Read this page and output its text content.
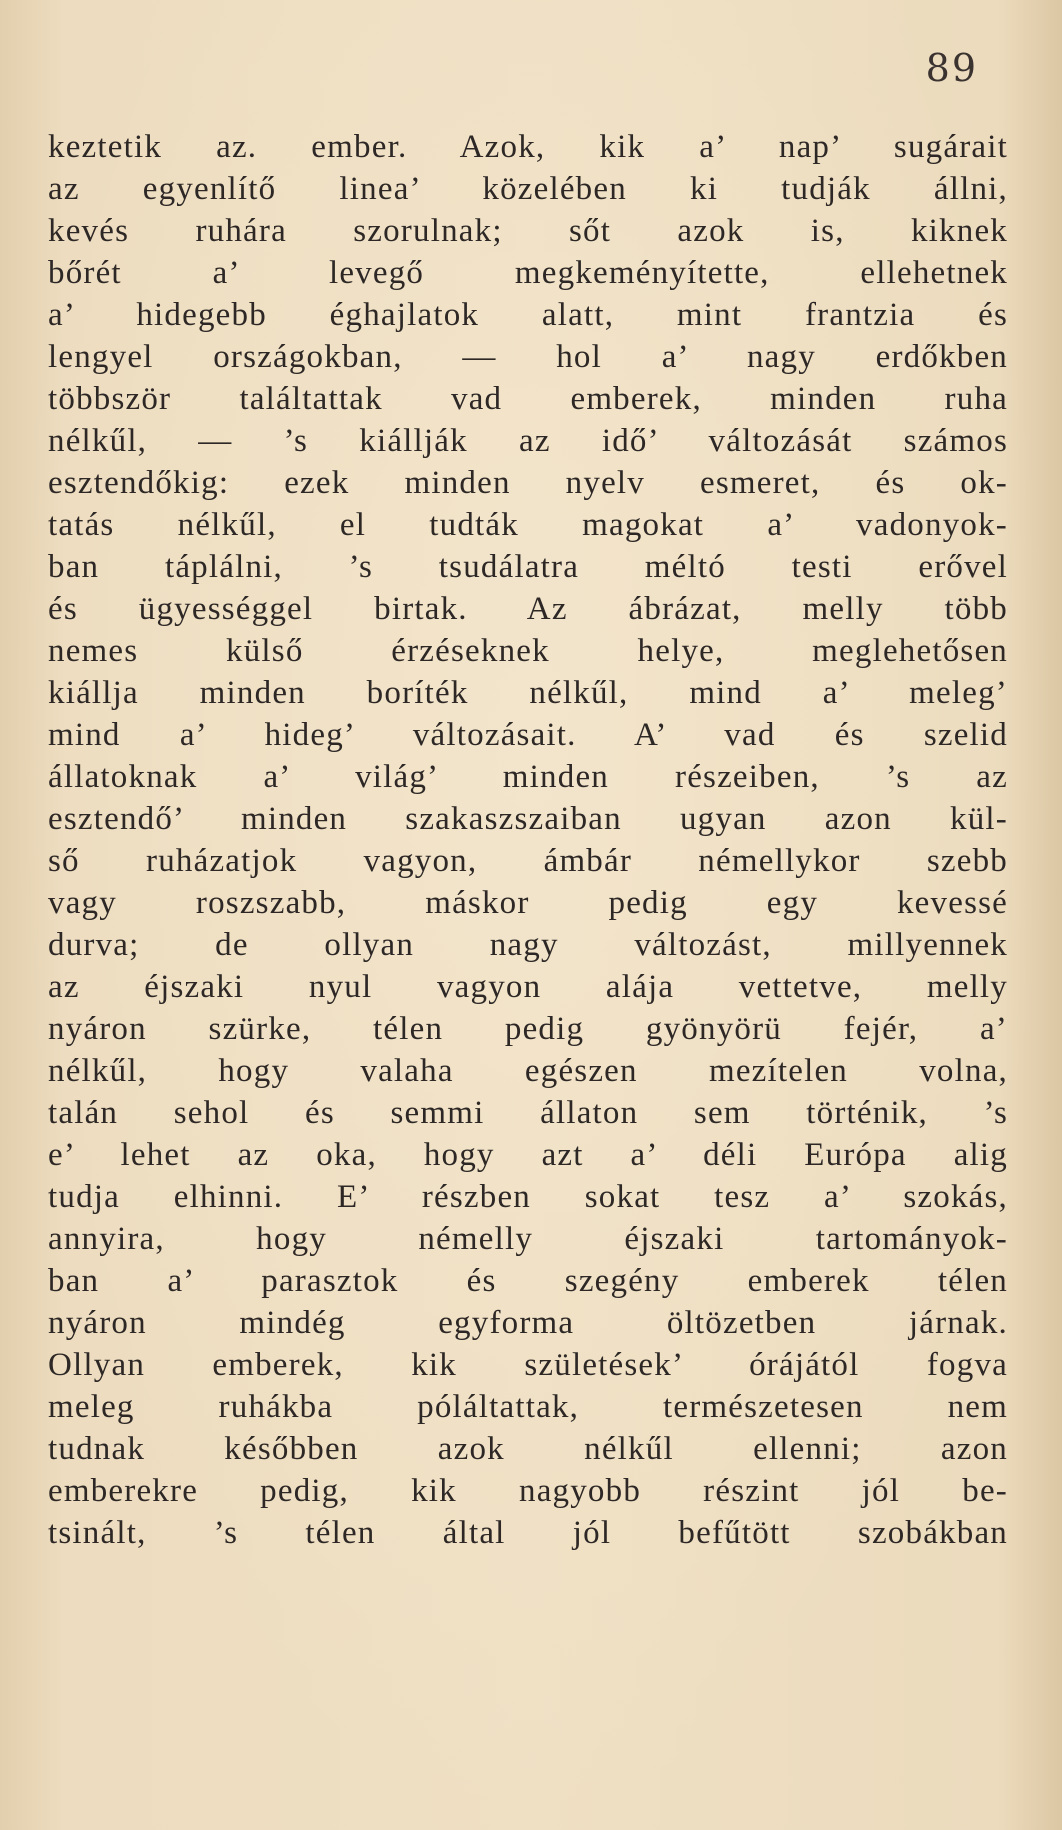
89
keztetik az. ember. Azok, kik a’ nap’ sugárait
az egyenlítő linea’ közelében ki tudják állni,
kevés ruhára szorulnak; sőt azok is, kiknek
bőrét a’ levegő megkeményítette, ellehetnek
a’ hidegebb éghajlatok alatt, mint frantzia és
lengyel országokban, — hol a’ nagy erdőkben
többször találtattak vad emberek, minden ruha
nélkűl, — ’s kiállják az idő’ változását számos
esztendőkig: ezek minden nyelv esmeret, és ok-
tatás nélkűl, el tudták magokat a’ vadonyok-
ban táplálni, ’s tsudálatra méltó testi erővel
és ügyességgel birtak. Az ábrázat, melly több
nemes külső érzéseknek helye, meglehetősen
kiállja minden boríték nélkűl, mind a’ meleg’
mind a’ hideg’ változásait. A’ vad és szelid
állatoknak a’ világ’ minden részeiben, ’s az
esztendő’ minden szakaszszaiban ugyan azon kül-
ső ruházatjok vagyon, ámbár némellykor szebb
vagy roszszabb, máskor pedig egy kevessé
durva; de ollyan nagy változást, millyennek
az éjszaki nyul vagyon alája vettetve, melly
nyáron szürke, télen pedig gyönyörü fejér, a’
nélkűl, hogy valaha egészen mezítelen volna,
talán sehol és semmi állaton sem történik, ’s
e’ lehet az oka, hogy azt a’ déli Európa alig
tudja elhinni. E’ részben sokat tesz a’ szokás,
annyira, hogy némelly éjszaki tartományok-
ban a’ parasztok és szegény emberek télen
nyáron mindég egyforma öltözetben járnak.
Ollyan emberek, kik születések’ órájától fogva
meleg ruhákba póláltattak, természetesen nem
tudnak későbben azok nélkűl ellenni; azon
emberekre pedig, kik nagyobb részint jól be-
tsinált, ’s télen által jól befűtött szobákban
